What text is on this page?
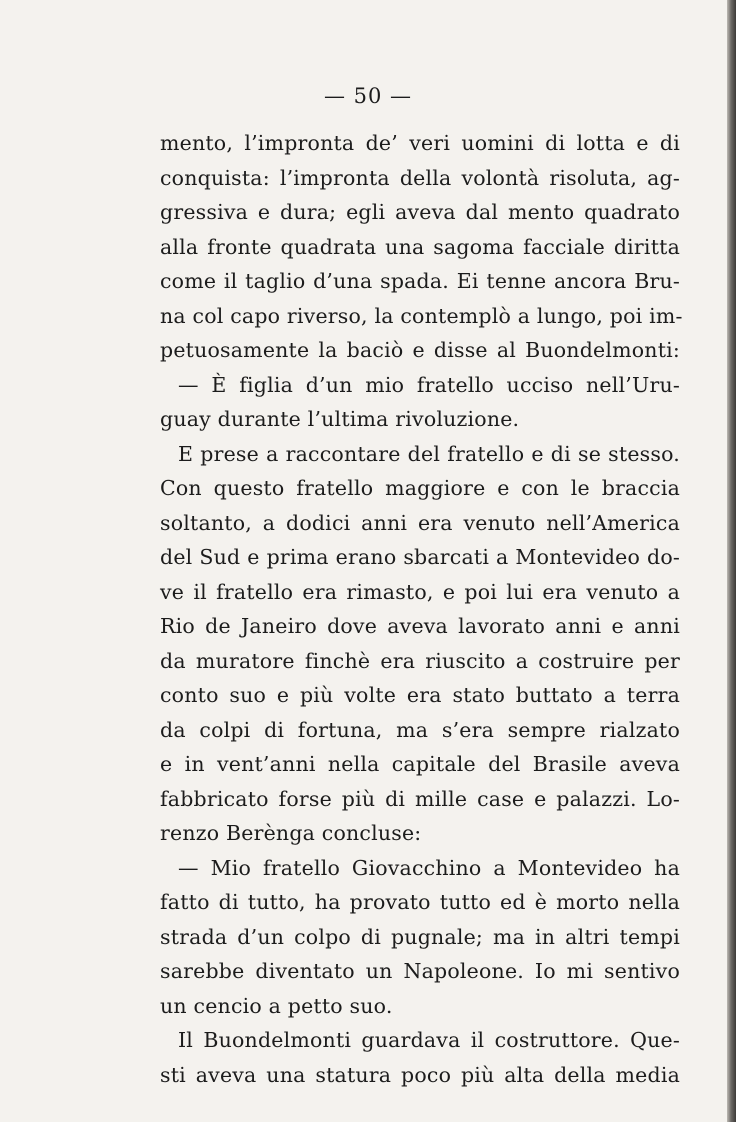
— 50 —
mento, l’impronta de’ veri uomini di lotta e di
conquista: l’impronta della volontà risoluta, ag-
gressiva e dura; egli aveva dal mento quadrato
alla fronte quadrata una sagoma facciale diritta
come il taglio d’una spada. Ei tenne ancora Bru-
na col capo riverso, la contemplò a lungo, poi im-
petuosamente la baciò e disse al Buondelmonti:
— È figlia d’un mio fratello ucciso nell’Uru-
guay durante l’ultima rivoluzione.
E prese a raccontare del fratello e di se stesso.
Con questo fratello maggiore e con le braccia
soltanto, a dodici anni era venuto nell’America
del Sud e prima erano sbarcati a Montevideo do-
ve il fratello era rimasto, e poi lui era venuto a
Rio de Janeiro dove aveva lavorato anni e anni
da muratore finchè era riuscito a costruire per
conto suo e più volte era stato buttato a terra
da colpi di fortuna, ma s’era sempre rialzato
e in vent’anni nella capitale del Brasile aveva
fabbricato forse più di mille case e palazzi. Lo-
renzo Berènga concluse:
— Mio fratello Giovacchino a Montevideo ha
fatto di tutto, ha provato tutto ed è morto nella
strada d’un colpo di pugnale; ma in altri tempi
sarebbe diventato un Napoleone. Io mi sentivo
un cencio a petto suo.
Il Buondelmonti guardava il costruttore. Que-
sti aveva una statura poco più alta della media
